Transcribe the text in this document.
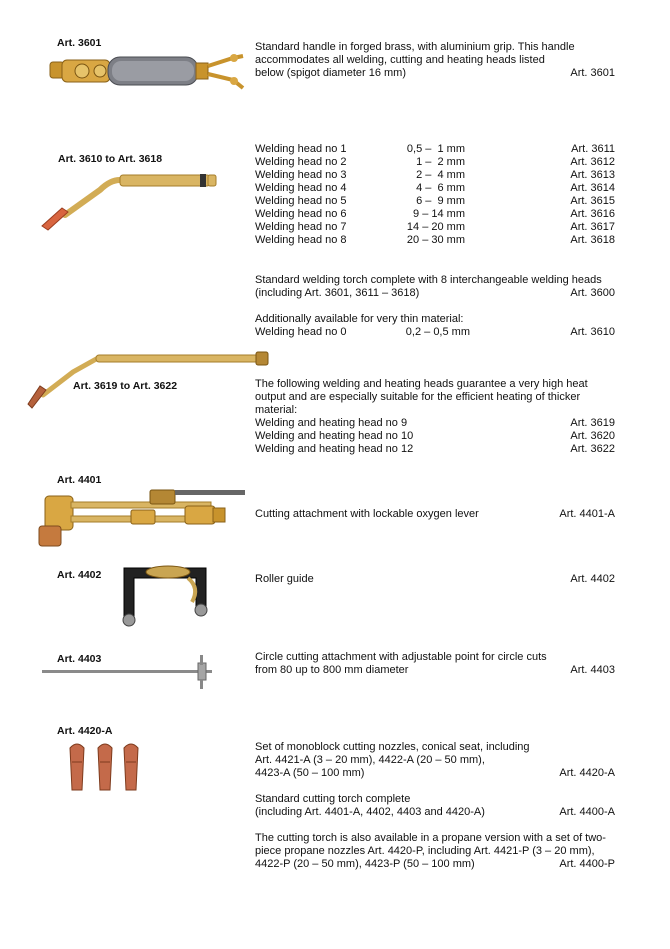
Art. 3601	Standard handle in forged brass, with aluminium grip. This handle
accommodates all welding, cutting and heating heads listed
below (spigot diameter 16 mm)	Art. 3601
Art. 3610 to Art. 3618
Welding head no 1	0,5 –  1 mm	Art. 3611
Welding head no 2	1 –  2 mm	Art. 3612
Welding head no 3	2 –  4 mm	Art. 3613
Welding head no 4	4 –  6 mm	Art. 3614
Welding head no 5	6 –  9 mm	Art. 3615
Welding head no 6	9 – 14 mm	Art. 3616
Welding head no 7	14 – 20 mm	Art. 3617
Welding head no 8	20 – 30 mm	Art. 3618
Standard welding torch complete with 8 interchangeable welding heads
(including Art. 3601, 3611 – 3618)	Art. 3600
Additionally available for very thin material:
Welding head no 0	0,2 – 0,5 mm	Art. 3610
Art. 3619 to Art. 3622	The following welding and heating heads guarantee a very high heat
output and are especially suitable for the efficient heating of thicker
material:
Welding and heating head no 9	Art. 3619
Welding and heating head no 10	Art. 3620
Welding and heating head no 12	Art. 3622
Art. 4401
Cutting attachment with lockable oxygen lever	Art. 4401-A
Art. 4402	Roller guide	Art. 4402
Art. 4403	Circle cutting attachment with adjustable point for circle cuts
from 80 up to 800 mm diameter	Art. 4403
Art. 4420-A
Set of monoblock cutting nozzles, conical seat, including
Art. 4421-A (3 – 20 mm), 4422-A (20 – 50 mm),
4423-A (50 – 100 mm)	Art. 4420-A
Standard cutting torch complete
(including Art. 4401-A, 4402, 4403 and 4420-A)	Art. 4400-A
The cutting torch is also available in a propane version with a set of two-
piece propane nozzles Art. 4420-P, including Art. 4421-P (3 – 20 mm),
4422-P (20 – 50 mm), 4423-P (50 – 100 mm)	Art. 4400-P
